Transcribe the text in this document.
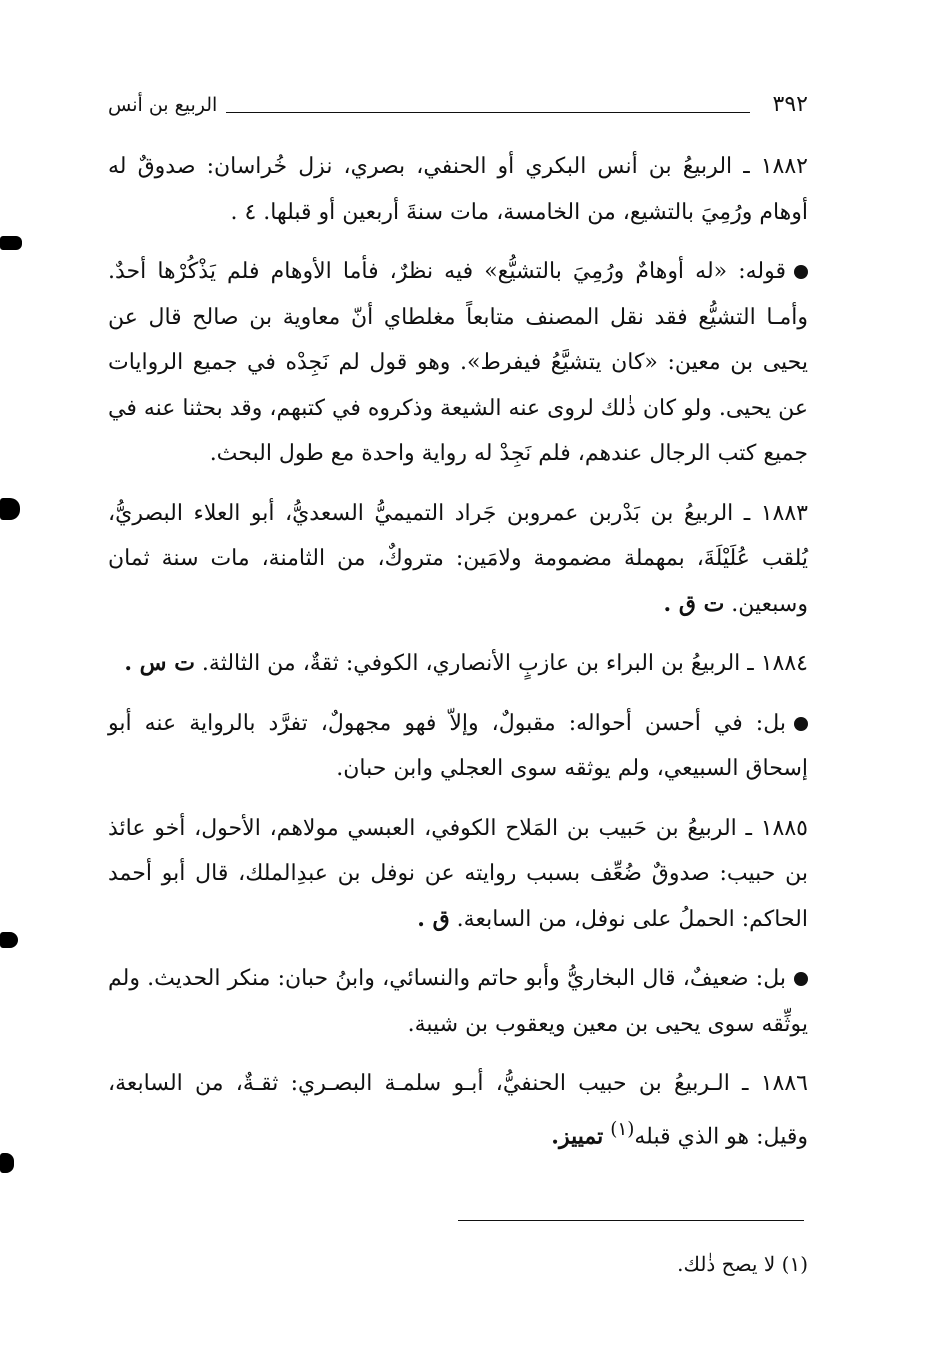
٣٩٢
الربيع بن أنس

١٨٨٢ ـ الربيعُ بن أنس البكري أو الحنفي، بصري، نزل خُراسان: صدوقٌ له أوهام ورُمِيَ بالتشيع، من الخامسة، مات سنةَ أربعين أو قبلها. ٤ .

قوله: «له أوهامٌ ورُمِيَ بالتشيُّع» فيه نظرٌ، فأما الأوهام فلم يَذْكُرْها أحدٌ. وأمـا التشيُّع فقد نقل المصنف متابعاً مغلطاي أنّ معاوية بن صالح قال عن يحيى بن معين: «كان يتشيَّعُ فيفرط». وهو قول لم نَجِدْه في جميع الروايات عن يحيى. ولو كان ذٰلك لروى عنه الشيعة وذكروه في كتبهم، وقد بحثنا عنه في جميع كتب الرجال عندهم، فلم نَجِدْ له رواية واحدة مع طول البحث.

١٨٨٣ ـ الربيعُ بن بَدْربن عمروبن جَراد التميميُّ السعديُّ، أبو العلاء البصريُّ، يُلقب عُلَيْلَةَ، بمهملة مضمومة ولامَين: متروكٌ، من الثامنة، مات سنة ثمان وسبعين. ت ق .

١٨٨٤ ـ الربيعُ بن البراء بن عازبٍ الأنصاري، الكوفي: ثقةٌ، من الثالثة. ت س .

بل: في أحسن أحواله: مقبولٌ، وإلاّ فهو مجهولٌ، تفرَّد بالرواية عنه أبو إسحاق السبيعي، ولم يوثقه سوى العجلي وابن حبان.

١٨٨٥ ـ الربيعُ بن حَبيب بن المَلاح الكوفي، العبسي مولاهم، الأحول، أخو عائذ بن حبيب: صدوقٌ ضُعِّف بسبب روايته عن نوفل بن عبدِالملك، قال أبو أحمد الحاكم: الحملُ على نوفل، من السابعة. ق .

بل: ضعيفٌ، قال البخاريُّ وأبو حاتم والنسائي، وابنُ حبان: منكر الحديث. ولم يوثِّقه سوى يحيى بن معين ويعقوب بن شيبة.

١٨٨٦ ـ الـربيعُ بن حبيب الحنفيُّ، أبـو سلمـة البصـري: ثقـةٌ، من السابعة، وقيل: هو الذي قبله$^{(١)}$ تمييز.

(١) لا يصح ذٰلك.
